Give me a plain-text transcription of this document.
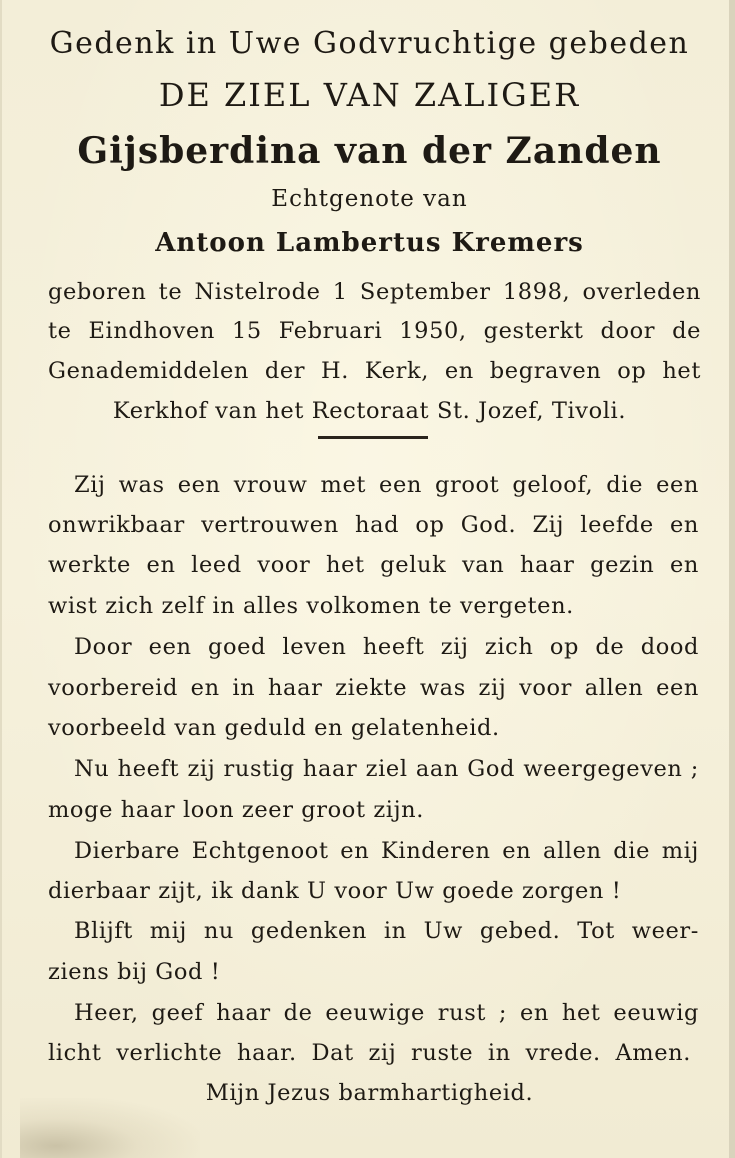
Gedenk in Uwe Godvruchtige gebeden
DE ZIEL VAN ZALIGER
Gijsberdina van der Zanden
Echtgenote van
Antoon Lambertus Kremers
geboren te Nistelrode 1 September 1898, overleden
te Eindhoven 15 Februari 1950, gesterkt door de
Genademiddelen der H. Kerk, en begraven op het
Kerkhof van het Rectoraat St. Jozef, Tivoli.
Zij was een vrouw met een groot geloof, die een
onwrikbaar vertrouwen had op God. Zij leefde en
werkte en leed voor het geluk van haar gezin en
wist zich zelf in alles volkomen te vergeten.
Door een goed leven heeft zij zich op de dood
voorbereid en in haar ziekte was zij voor allen een
voorbeeld van geduld en gelatenheid.
Nu heeft zij rustig haar ziel aan God weergegeven ;
moge haar loon zeer groot zijn.
Dierbare Echtgenoot en Kinderen en allen die mij
dierbaar zijt, ik dank U voor Uw goede zorgen !
Blijft mij nu gedenken in Uw gebed. Tot weer-
ziens bij God !
Heer, geef haar de eeuwige rust ; en het eeuwig
licht verlichte haar. Dat zij ruste in vrede. Amen.
Mijn Jezus barmhartigheid.
